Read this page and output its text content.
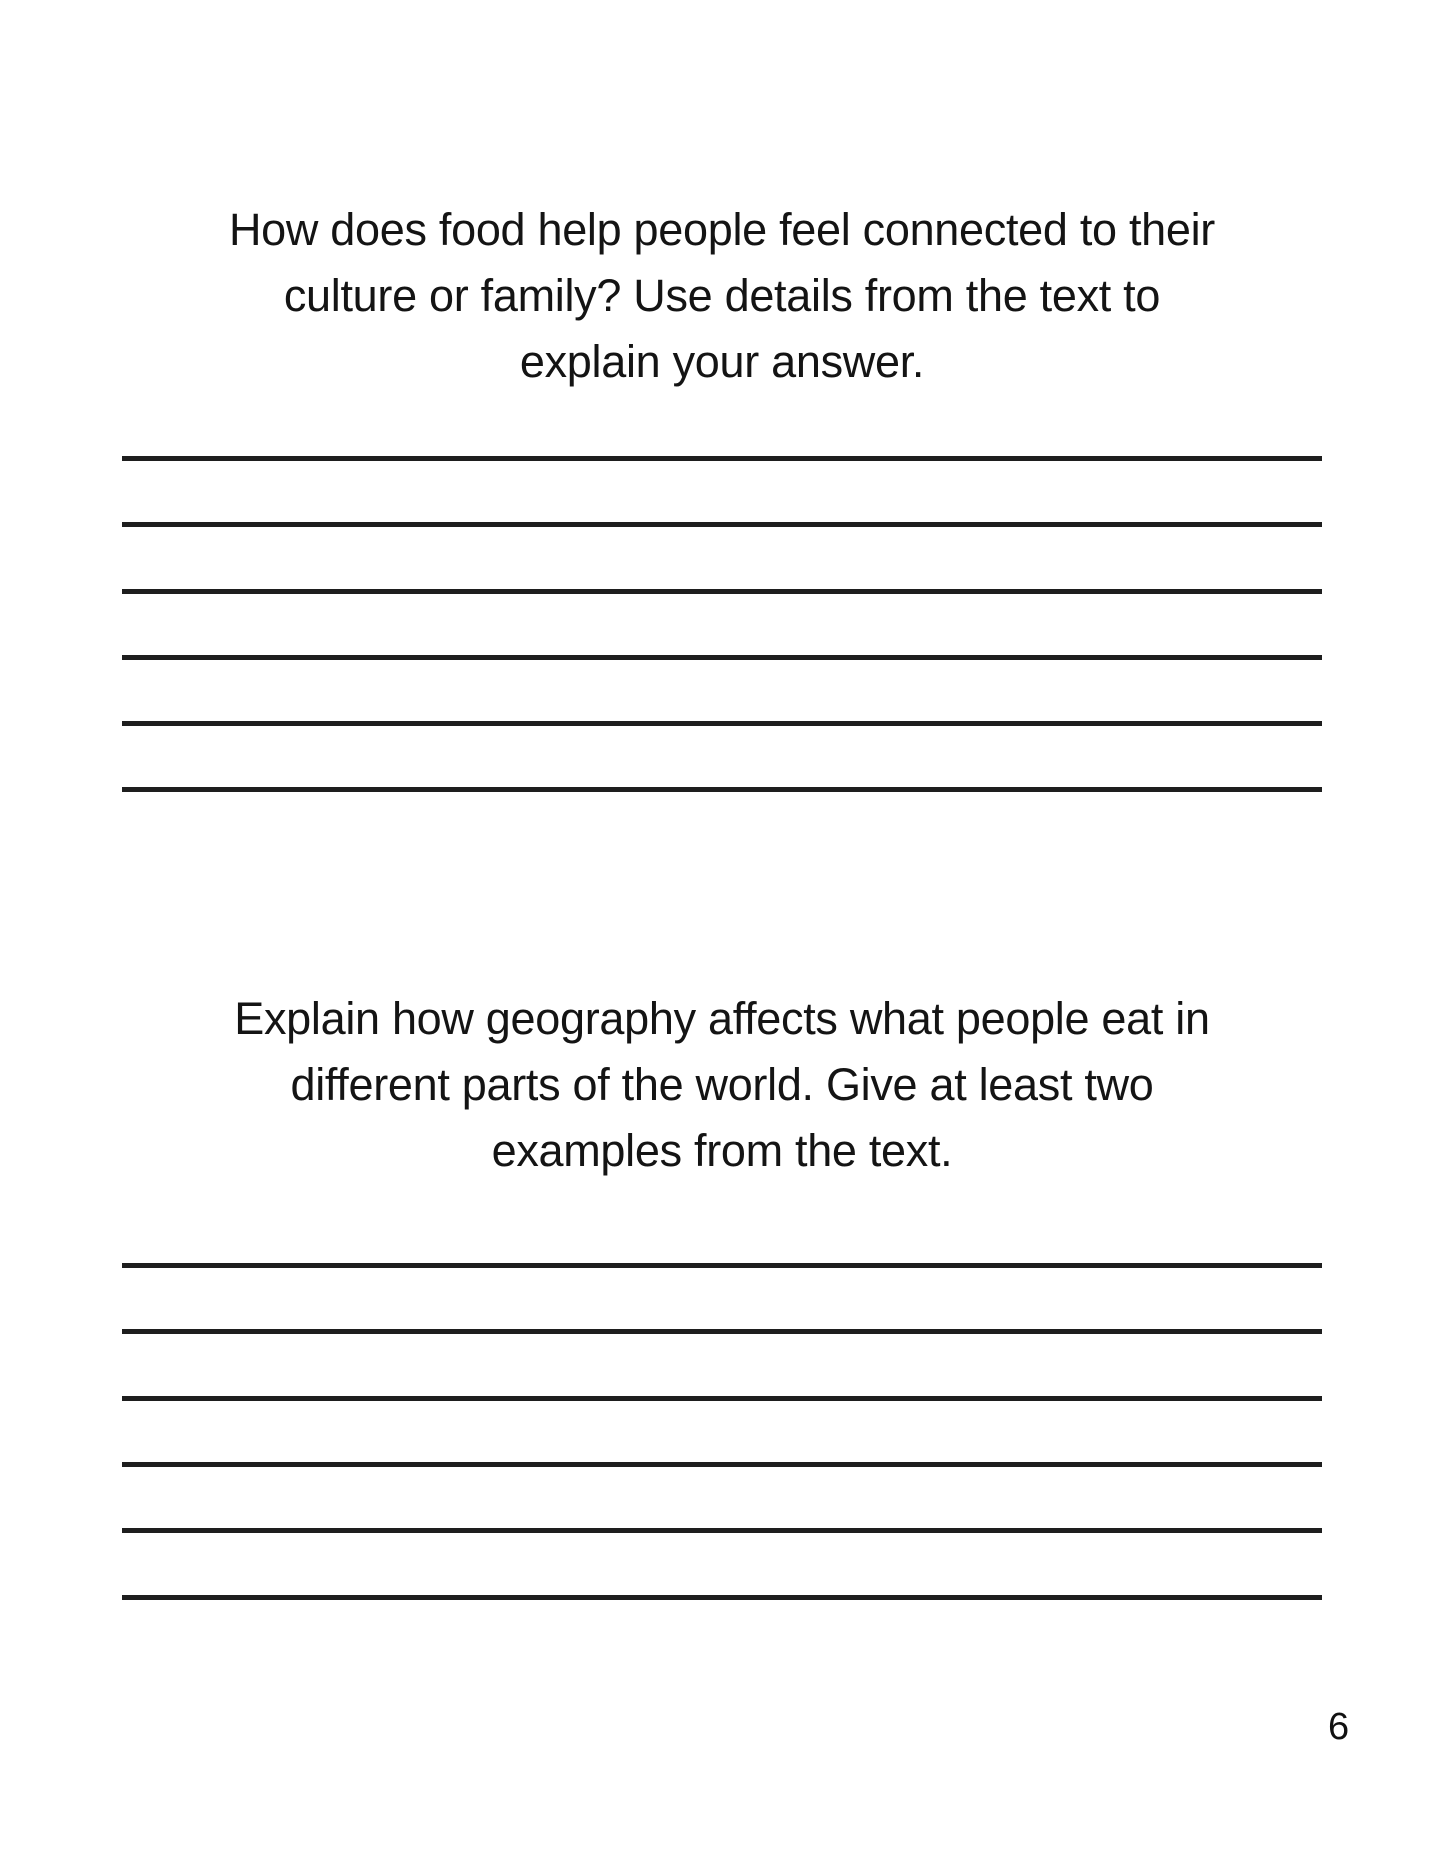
How does food help people feel connected to their
culture or family? Use details from the text to
explain your answer.
Explain how geography affects what people eat in
different parts of the world. Give at least two
examples from the text.
6
